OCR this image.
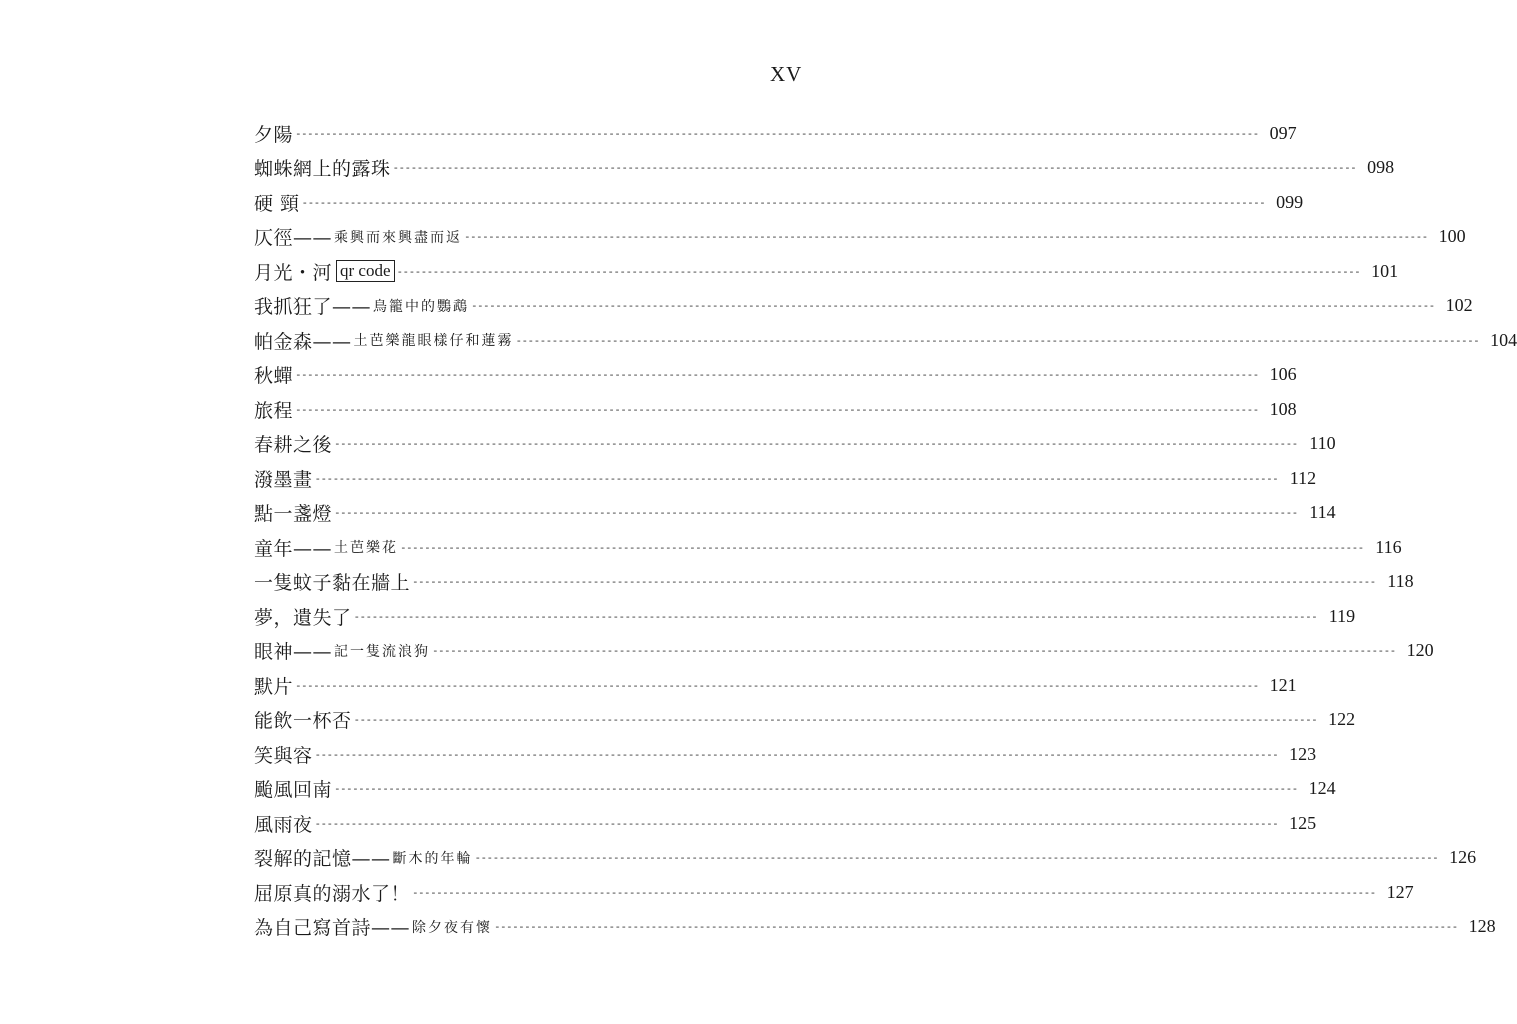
XV
夕陽 ---------------------------------------------------------------------------------------------------------------------------------------------------------------- 097
蜘蛛網上的露珠 ---------------------------------------------------------------------------------------------------------------------------------------------------------------- 098
硬 頸 ---------------------------------------------------------------------------------------------------------------------------------------------------------------- 099
仄徑—— 乘興而來興盡而返 ---------------------------------------------------------------------------------------------------------------------------------------------------------------- 100
月光・河 qr code ---------------------------------------------------------------------------------------------------------------------------------------------------------------- 101
我抓狂了—— 鳥籠中的鸚鵡 ---------------------------------------------------------------------------------------------------------------------------------------------------------------- 102
帕金森—— 土芭樂龍眼樣仔和蓮霧 ---------------------------------------------------------------------------------------------------------------------------------------------------------------- 104
秋蟬 ---------------------------------------------------------------------------------------------------------------------------------------------------------------- 106
旅程 ---------------------------------------------------------------------------------------------------------------------------------------------------------------- 108
春耕之後 ---------------------------------------------------------------------------------------------------------------------------------------------------------------- 110
潑墨畫 ---------------------------------------------------------------------------------------------------------------------------------------------------------------- 112
點一盞燈 ---------------------------------------------------------------------------------------------------------------------------------------------------------------- 114
童年—— 土芭樂花 ---------------------------------------------------------------------------------------------------------------------------------------------------------------- 116
一隻蚊子黏在牆上 ---------------------------------------------------------------------------------------------------------------------------------------------------------------- 118
夢，遺失了 ---------------------------------------------------------------------------------------------------------------------------------------------------------------- 119
眼神—— 記一隻流浪狗 ---------------------------------------------------------------------------------------------------------------------------------------------------------------- 120
默片 ---------------------------------------------------------------------------------------------------------------------------------------------------------------- 121
能飲一杯否 ---------------------------------------------------------------------------------------------------------------------------------------------------------------- 122
笑與容 ---------------------------------------------------------------------------------------------------------------------------------------------------------------- 123
颱風回南 ---------------------------------------------------------------------------------------------------------------------------------------------------------------- 124
風雨夜 ---------------------------------------------------------------------------------------------------------------------------------------------------------------- 125
裂解的記憶—— 斷木的年輪 ---------------------------------------------------------------------------------------------------------------------------------------------------------------- 126
屈原真的溺水了！ ---------------------------------------------------------------------------------------------------------------------------------------------------------------- 127
為自己寫首詩—— 除夕夜有懷 ---------------------------------------------------------------------------------------------------------------------------------------------------------------- 128
